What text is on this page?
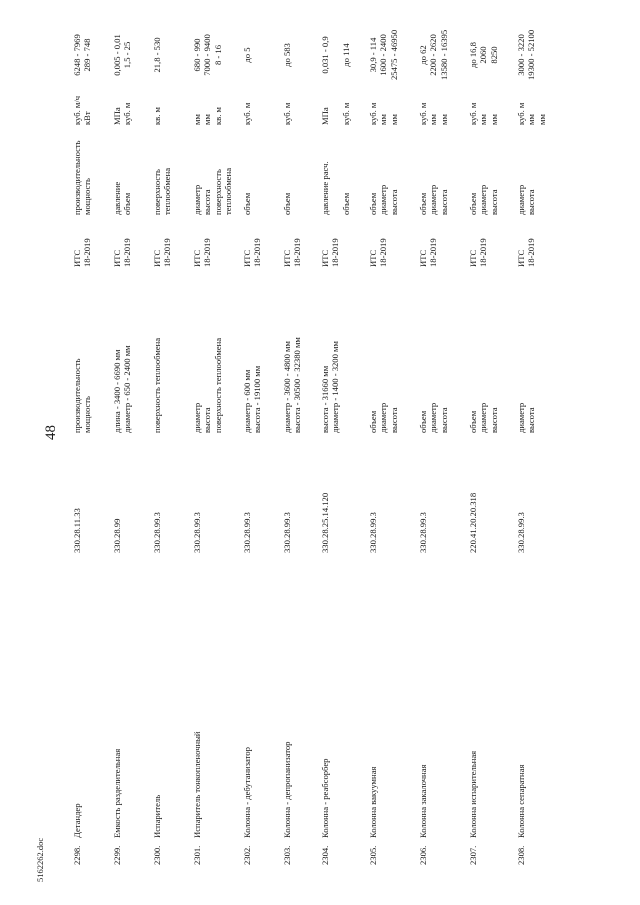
48
5162262.doc	2298.
Детандер
330.28.11.33
производительность мощность
ИТС 18-2019
производительность мощность
куб. м/ч кВт
6248 - 7969 289 - 748
2299.
Емкость разделительная
330.28.99
длина - 3400 - 6690 мм диаметр - 650 - 2400 мм
ИТС 18-2019
давление объем
МПа куб. м
0,005 - 0,01 1,5 - 25
2300.
Испаритель
330.28.99.3
поверхность теплообмена
ИТС 18-2019
поверхность теплообмена
кв. м
21,8 - 530
2301.
Испаритель тонкопленочный
330.28.99.3
диаметр высота поверхность теплообмена
ИТС 18-2019
диаметр высота поверхность теплообмена
мм мм кв. м
680 - 990 7000 - 9400 8 - 16
2302.
Колонна - дебутанизатор
330.28.99.3
диаметр - 600 мм высота - 19100 мм
ИТС 18-2019
объем
куб. м
до 5
2303.
Колонна - депропанизатор
330.28.99.3
диаметр - 3600 - 4800 мм высота - 30500 - 32380 мм
ИТС 18-2019
объем
куб. м
до 583
2304.
Колонна - реабсорбер
330.28.25.14.120
высота - 31660 мм диаметр - 1400 - 3200 мм
ИТС 18-2019
давление расч.
объем
МПа
куб. м
0,031 - 0,9
до 114
2305.
Колонна вакуумная
330.28.99.3
объем диаметр высота
ИТС 18-2019
объем диаметр высота
куб. м мм мм
30,9 - 114 1600 - 2400 25475 - 46950
2306.
Колонна закалочная
330.28.99.3
объем диаметр высота
ИТС 18-2019
объем диаметр высота
куб. м мм мм
до 62 2200 - 2620 13580 - 16395
2307.
Колонна испарительная
220.41.20.20.318
объем диаметр высота
ИТС 18-2019
объем диаметр высота
куб. м мм мм
до 16,8 2060 8250
2308.
Колонна сепаратная
330.28.99.3
диаметр высота
ИТС 18-2019
диаметр высота
куб. м мм мм
3000 - 3220 19300 - 52100
